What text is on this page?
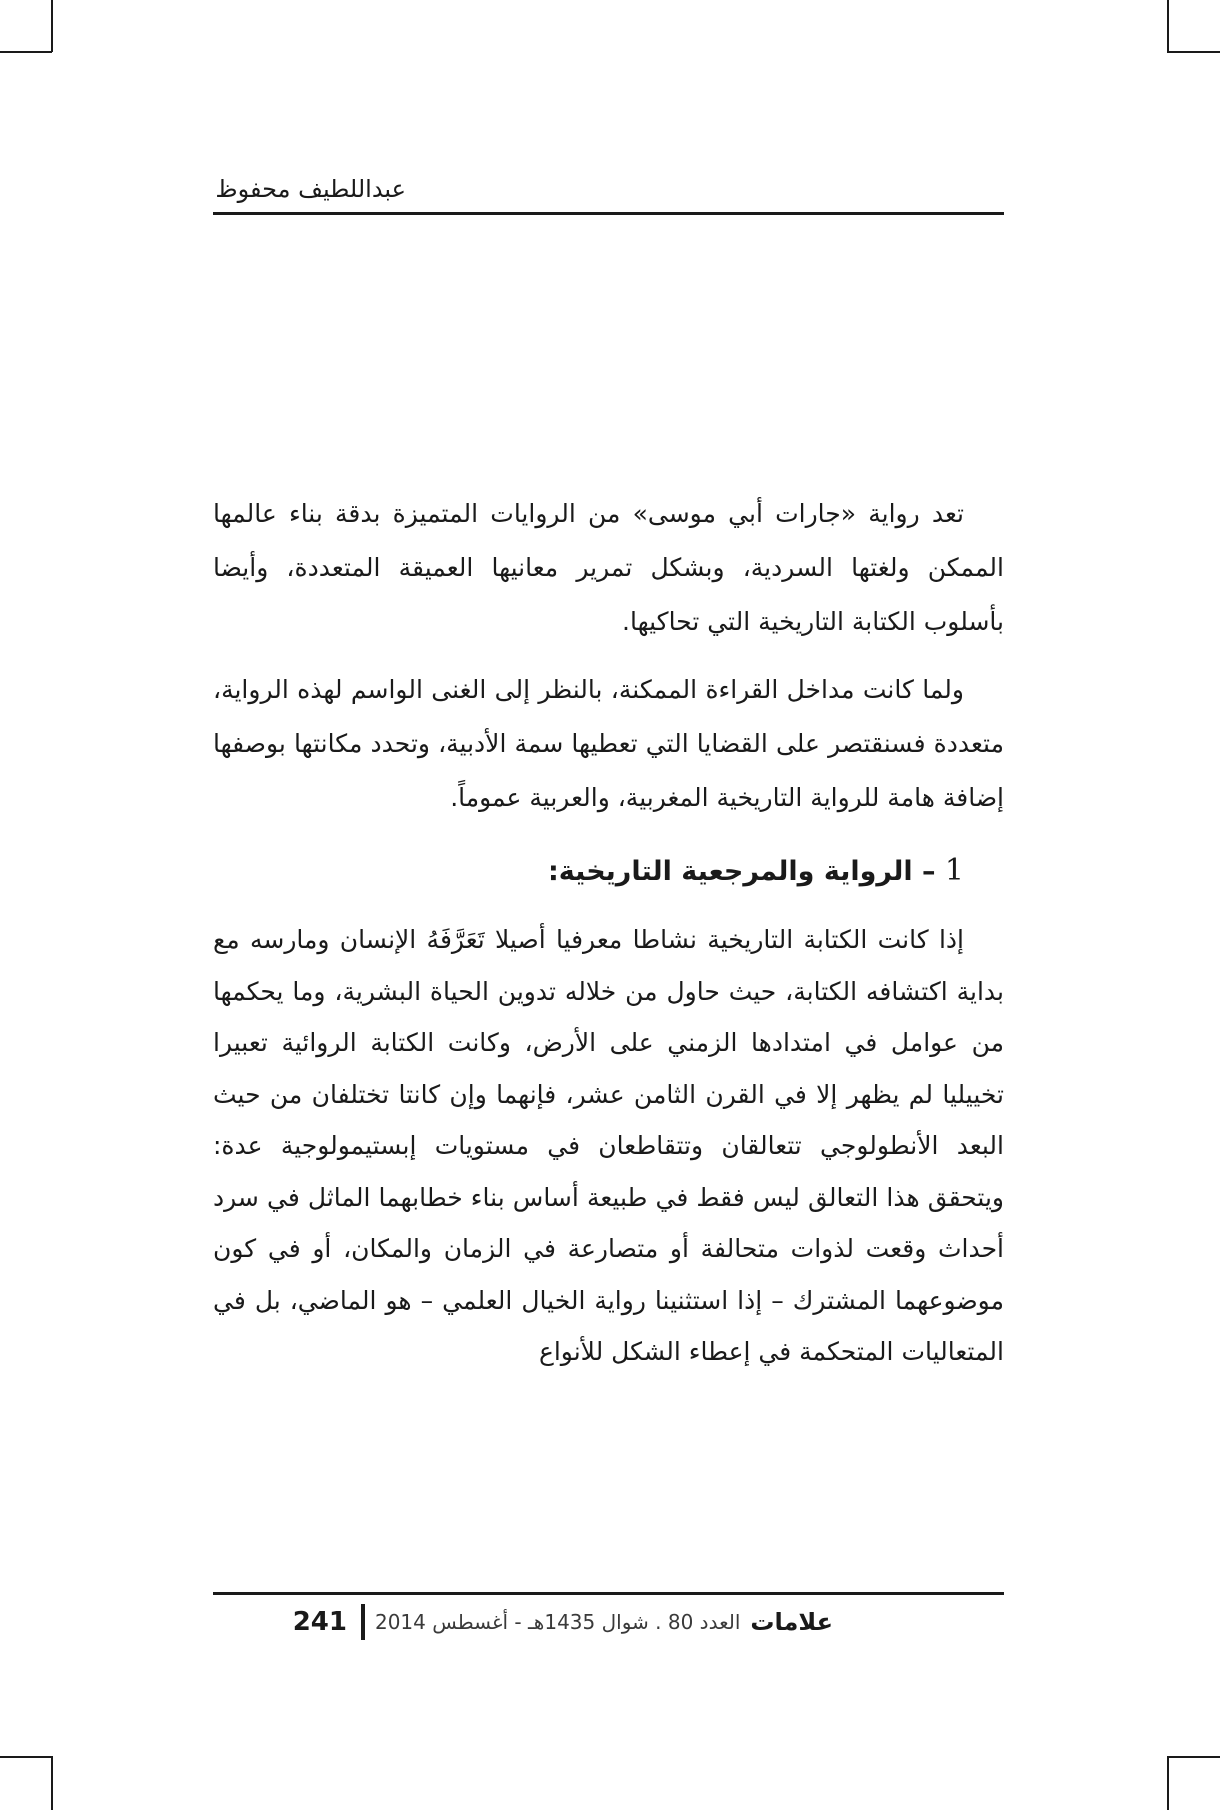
عبداللطيف محفوظ

تعد رواية «جارات أبي موسى» من الروايات المتميزة بدقة بناء عالمها الممكن ولغتها السردية، وبشكل تمرير معانيها العميقة المتعددة، وأيضا بأسلوب الكتابة التاريخية التي تحاكيها.

ولما كانت مداخل القراءة الممكنة، بالنظر إلى الغنى الواسم لهذه الرواية، متعددة فسنقتصر على القضايا التي تعطيها سمة الأدبية، وتحدد مكانتها بوصفها إضافة هامة للرواية التاريخية المغربية، والعربية عموماً.

1 – الرواية والمرجعية التاريخية:

إذا كانت الكتابة التاريخية نشاطا معرفيا أصيلا تَعَرَّفَهُ الإنسان ومارسه مع بداية اكتشافه الكتابة، حيث حاول من خلاله تدوين الحياة البشرية، وما يحكمها من عوامل في امتدادها الزمني على الأرض، وكانت الكتابة الروائية تعبيرا تخييليا لم يظهر إلا في القرن الثامن عشر، فإنهما وإن كانتا تختلفان من حيث البعد الأنطولوجي تتعالقان وتتقاطعان في مستويات إبستيمولوجية عدة: ويتحقق هذا التعالق ليس فقط في طبيعة أساس بناء خطابهما الماثل في سرد أحداث وقعت لذوات متحالفة أو متصارعة في الزمان والمكان، أو في كون موضوعهما المشترك – إذا استثنينا رواية الخيال العلمي – هو الماضي، بل في المتعاليات المتحكمة في إعطاء الشكل للأنواع

علامات
العدد 80 . شوال 1435هـ - أغسطس 2014
241
